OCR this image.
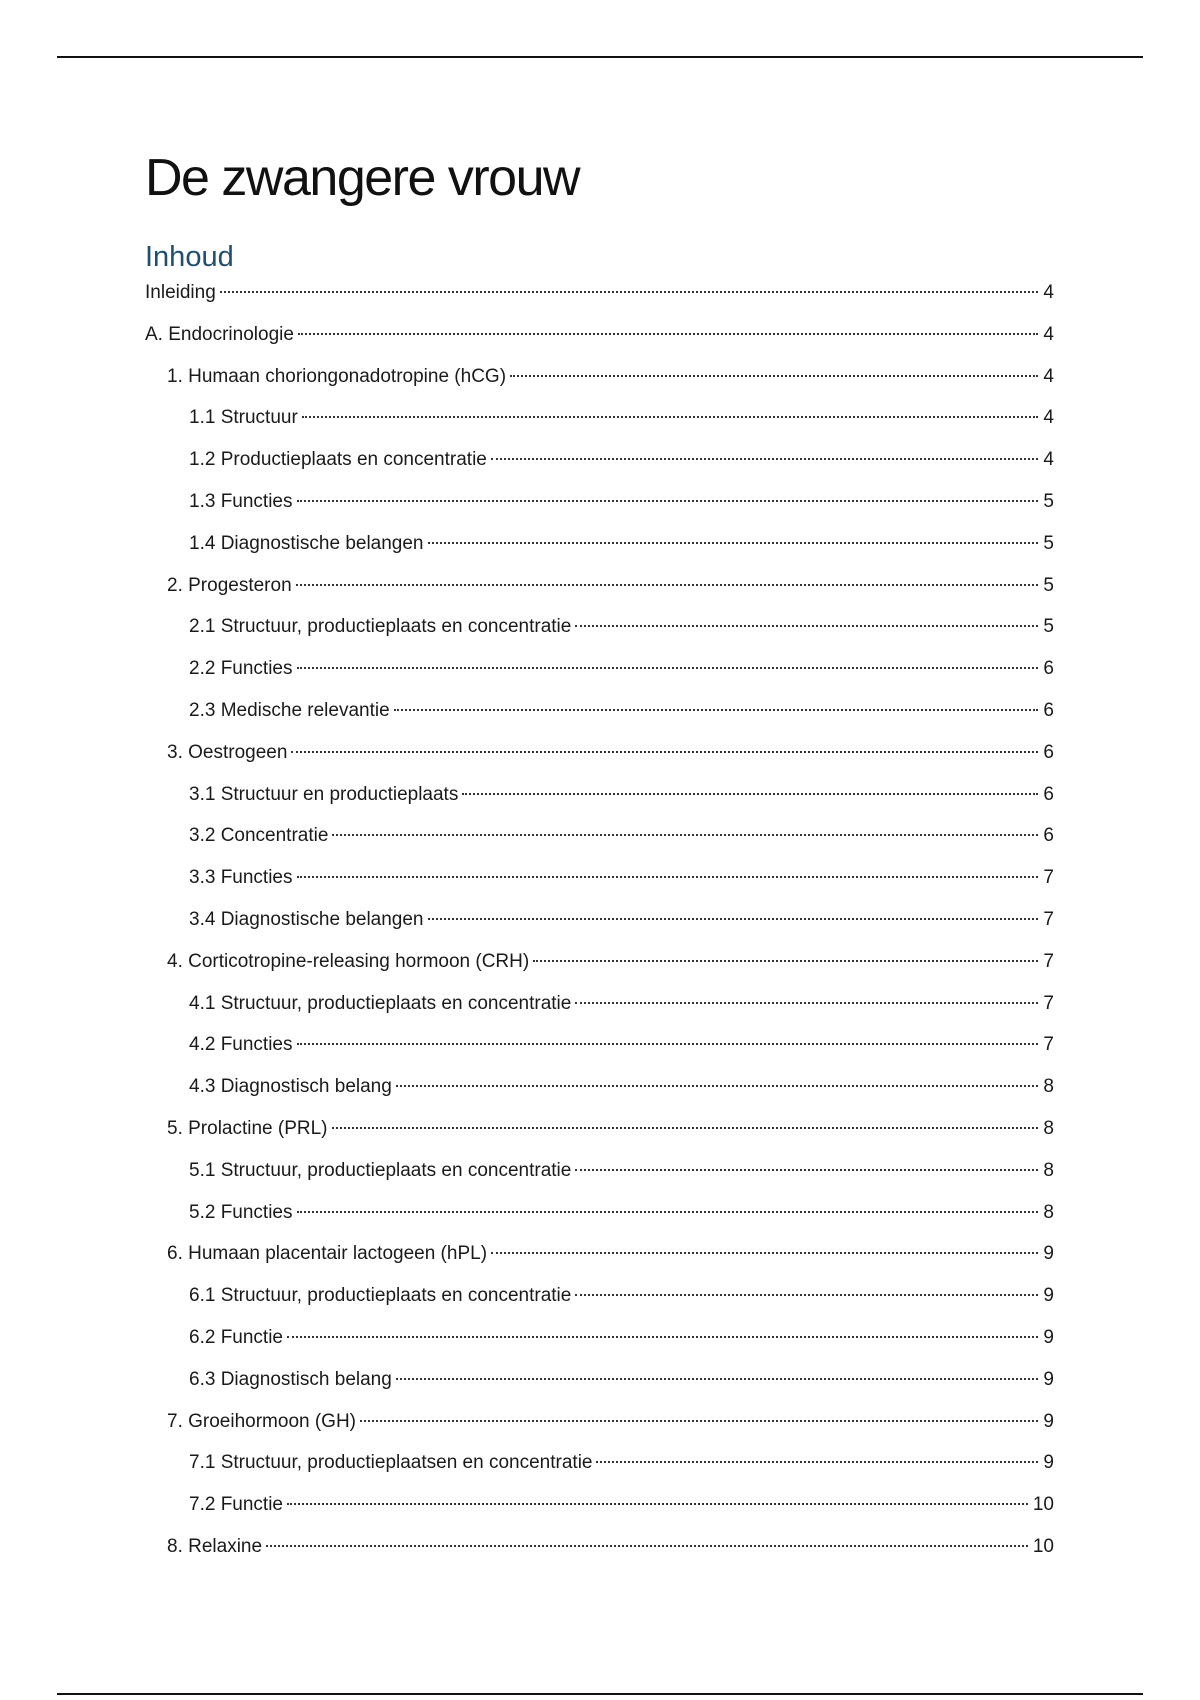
De zwangere vrouw
Inhoud
Inleiding	4
A. Endocrinologie	4
1. Humaan choriongonadotropine (hCG)	4
1.1 Structuur	4
1.2 Productieplaats en concentratie	4
1.3 Functies	5
1.4 Diagnostische belangen	5
2. Progesteron	5
2.1 Structuur, productieplaats en concentratie	5
2.2 Functies	6
2.3 Medische relevantie	6
3. Oestrogeen	6
3.1 Structuur en productieplaats	6
3.2 Concentratie	6
3.3 Functies	7
3.4 Diagnostische belangen	7
4. Corticotropine-releasing hormoon (CRH)	7
4.1 Structuur, productieplaats en concentratie	7
4.2 Functies	7
4.3 Diagnostisch belang	8
5. Prolactine (PRL)	8
5.1 Structuur, productieplaats en concentratie	8
5.2 Functies	8
6. Humaan placentair lactogeen (hPL)	9
6.1 Structuur, productieplaats en concentratie	9
6.2 Functie	9
6.3 Diagnostisch belang	9
7. Groeihormoon (GH)	9
7.1 Structuur, productieplaatsen en concentratie	9
7.2 Functie	10
8. Relaxine	10
